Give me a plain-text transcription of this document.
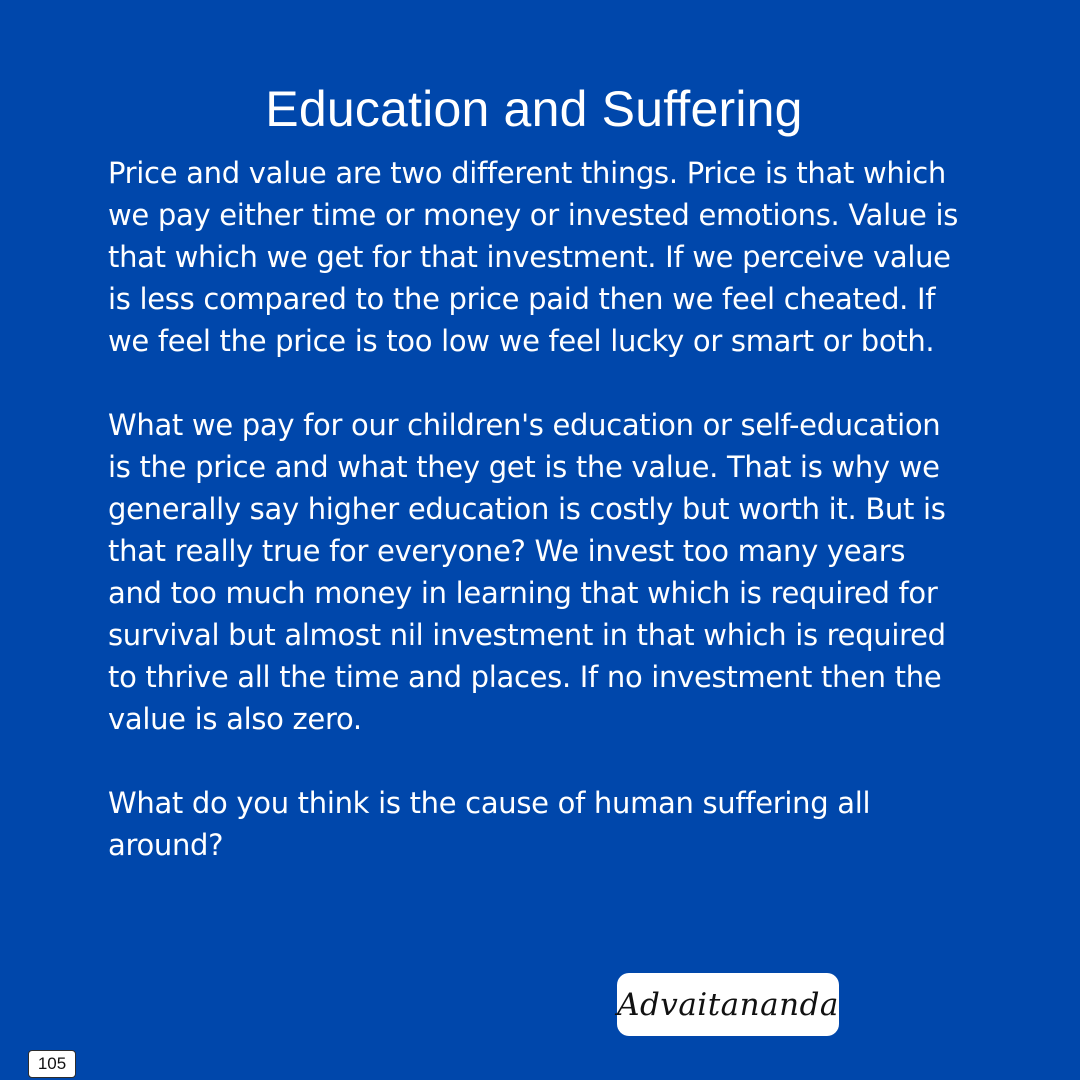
Education and Suffering

Price and value are two different things. Price is that which
we pay either time or money or invested emotions. Value is
that which we get for that investment. If we perceive value
is less compared to the price paid then we feel cheated. If
we feel the price is too low we feel lucky or smart or both.

What we pay for our children's education or self-education
is the price and what they get is the value. That is why we
generally say higher education is costly but worth it. But is
that really true for everyone? We invest too many years
and too much money in learning that which is required for
survival but almost nil investment in that which is required
to thrive all the time and places. If no investment then the
value is also zero.

What do you think is the cause of human suffering all
around?

Advaitananda
105
